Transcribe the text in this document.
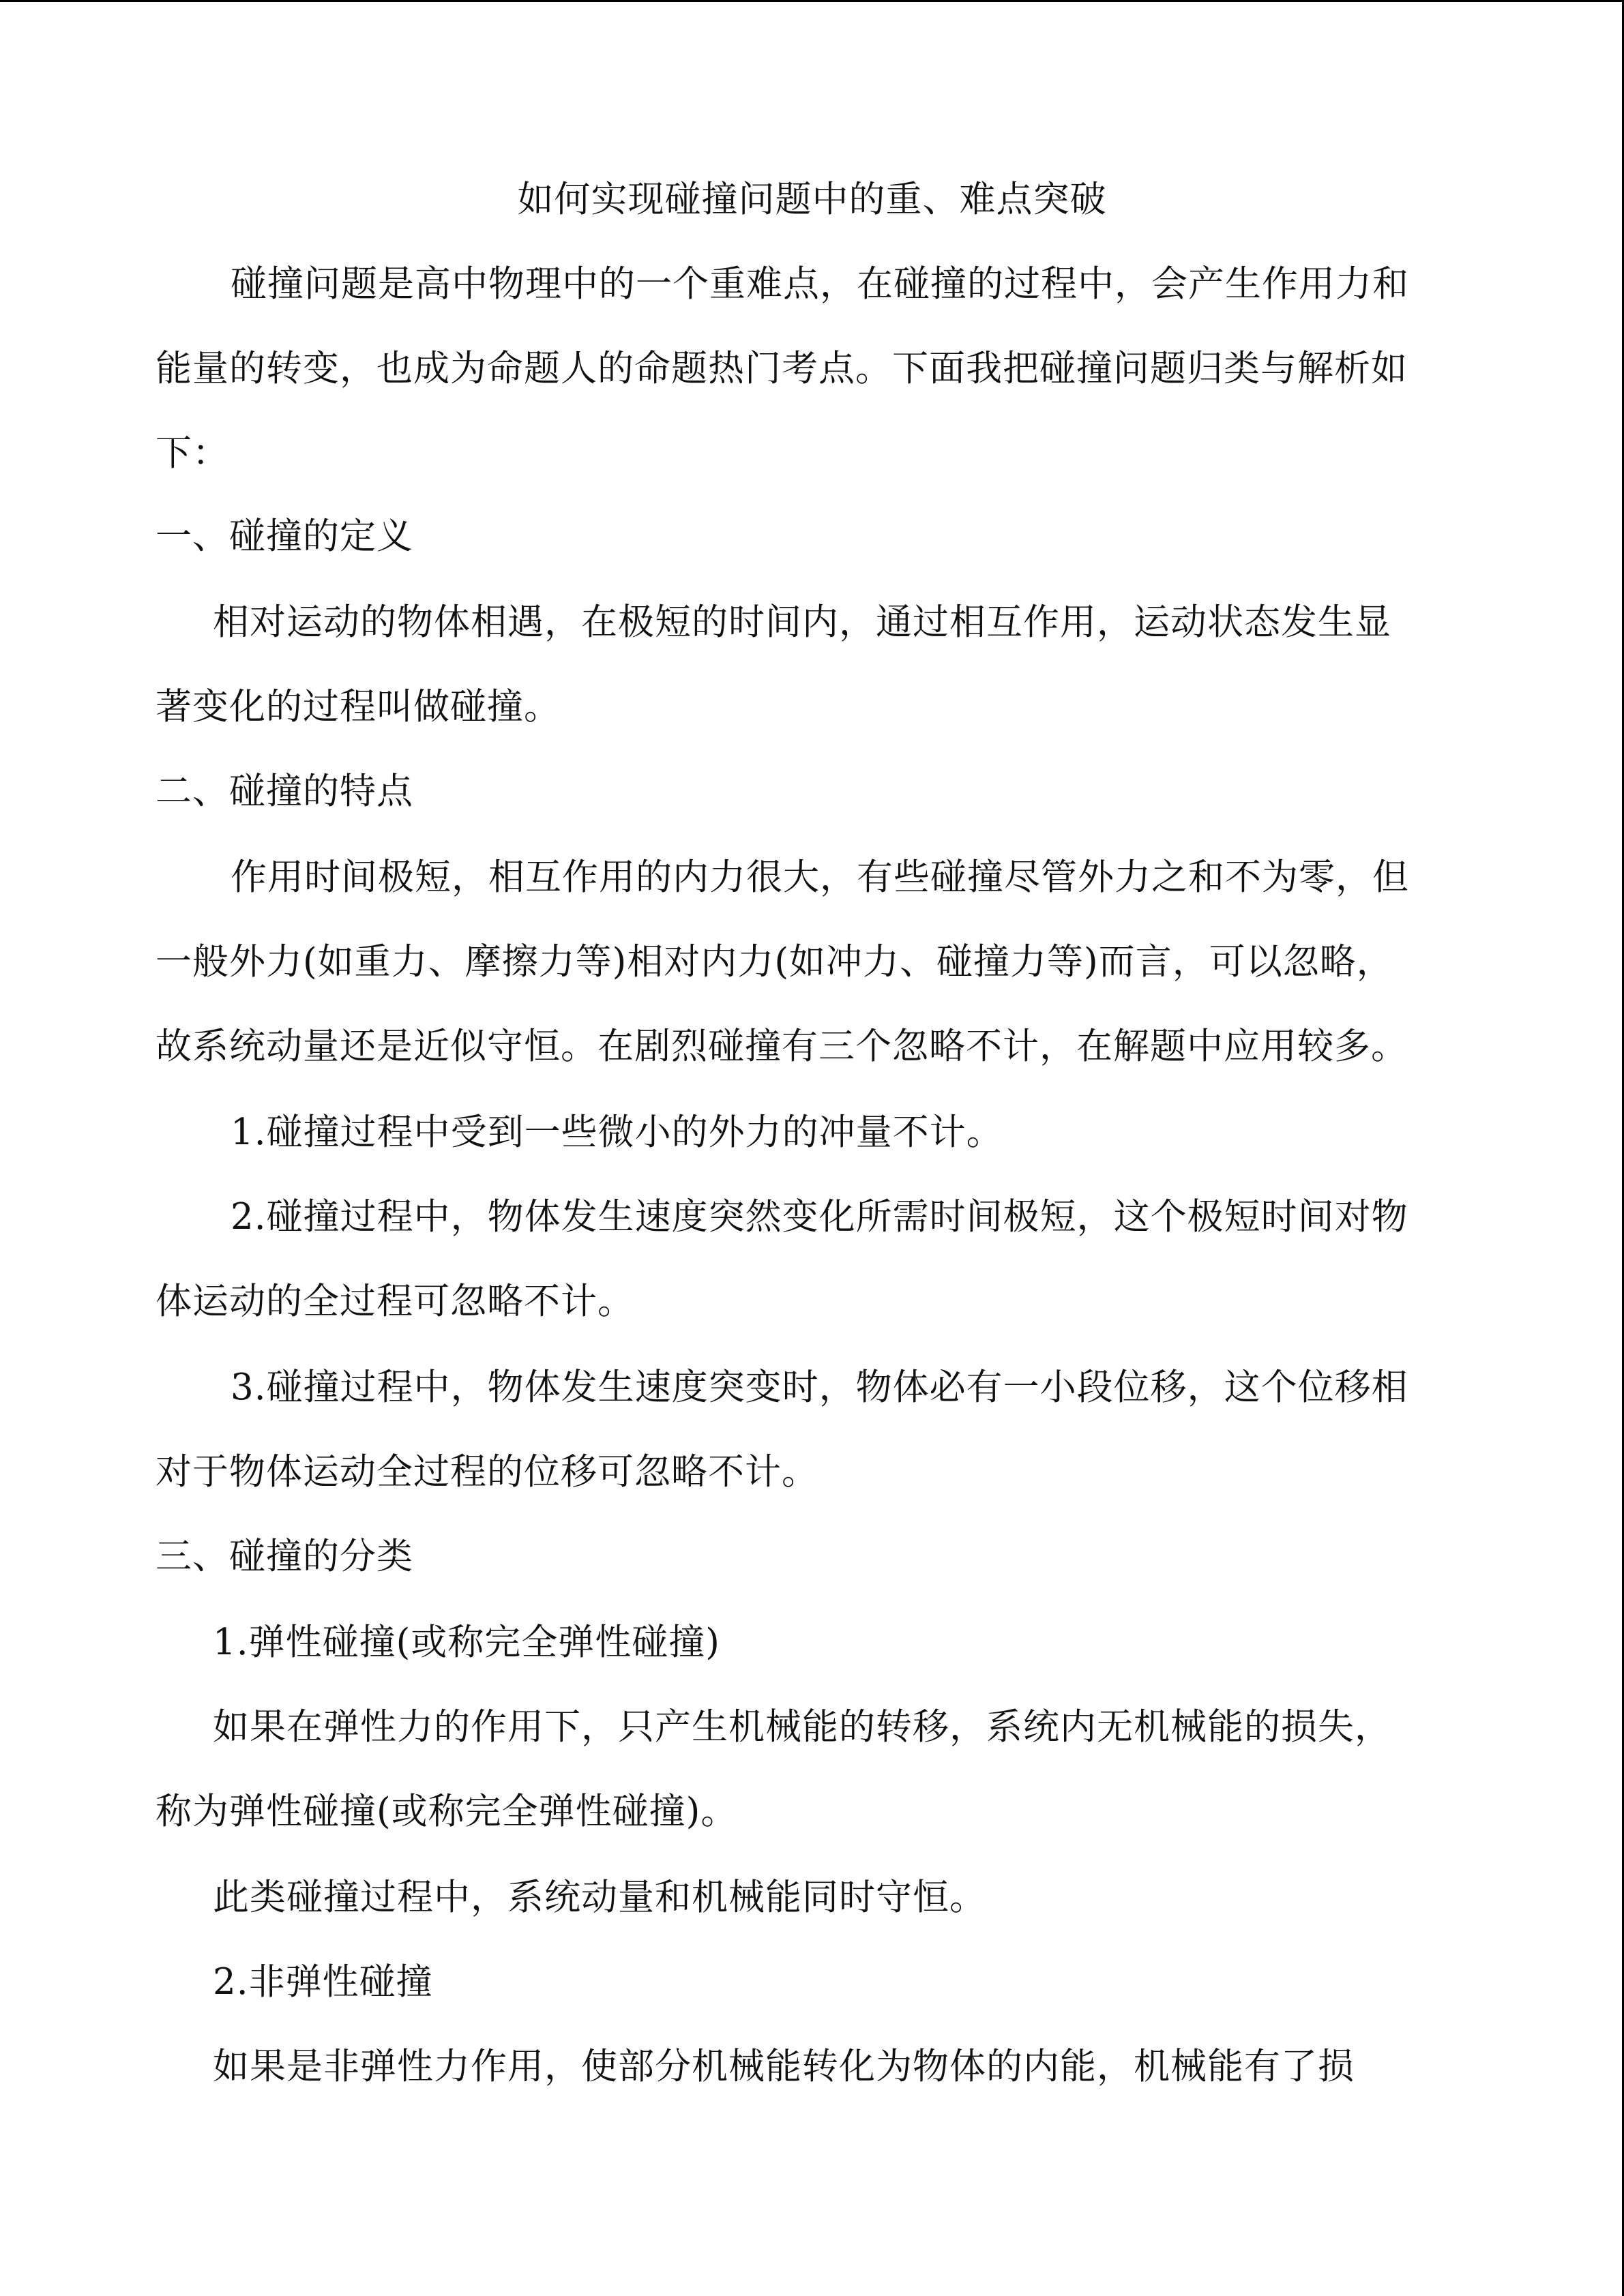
如何实现碰撞问题中的重、难点突破
碰撞问题是高中物理中的一个重难点，在碰撞的过程中，会产生作用力和
能量的转变，也成为命题人的命题热门考点。下面我把碰撞问题归类与解析如
下：
一、碰撞的定义
相对运动的物体相遇，在极短的时间内，通过相互作用，运动状态发生显
著变化的过程叫做碰撞。
二、碰撞的特点
作用时间极短，相互作用的内力很大，有些碰撞尽管外力之和不为零，但
一般外力(如重力、摩擦力等)相对内力(如冲力、碰撞力等)而言，可以忽略，
故系统动量还是近似守恒。在剧烈碰撞有三个忽略不计，在解题中应用较多。
1.碰撞过程中受到一些微小的外力的冲量不计。
2.碰撞过程中，物体发生速度突然变化所需时间极短，这个极短时间对物
体运动的全过程可忽略不计。
3.碰撞过程中，物体发生速度突变时，物体必有一小段位移，这个位移相
对于物体运动全过程的位移可忽略不计。
三、碰撞的分类
1.弹性碰撞(或称完全弹性碰撞)
如果在弹性力的作用下，只产生机械能的转移，系统内无机械能的损失，
称为弹性碰撞(或称完全弹性碰撞)。
此类碰撞过程中，系统动量和机械能同时守恒。
2.非弹性碰撞
如果是非弹性力作用，使部分机械能转化为物体的内能，机械能有了损
